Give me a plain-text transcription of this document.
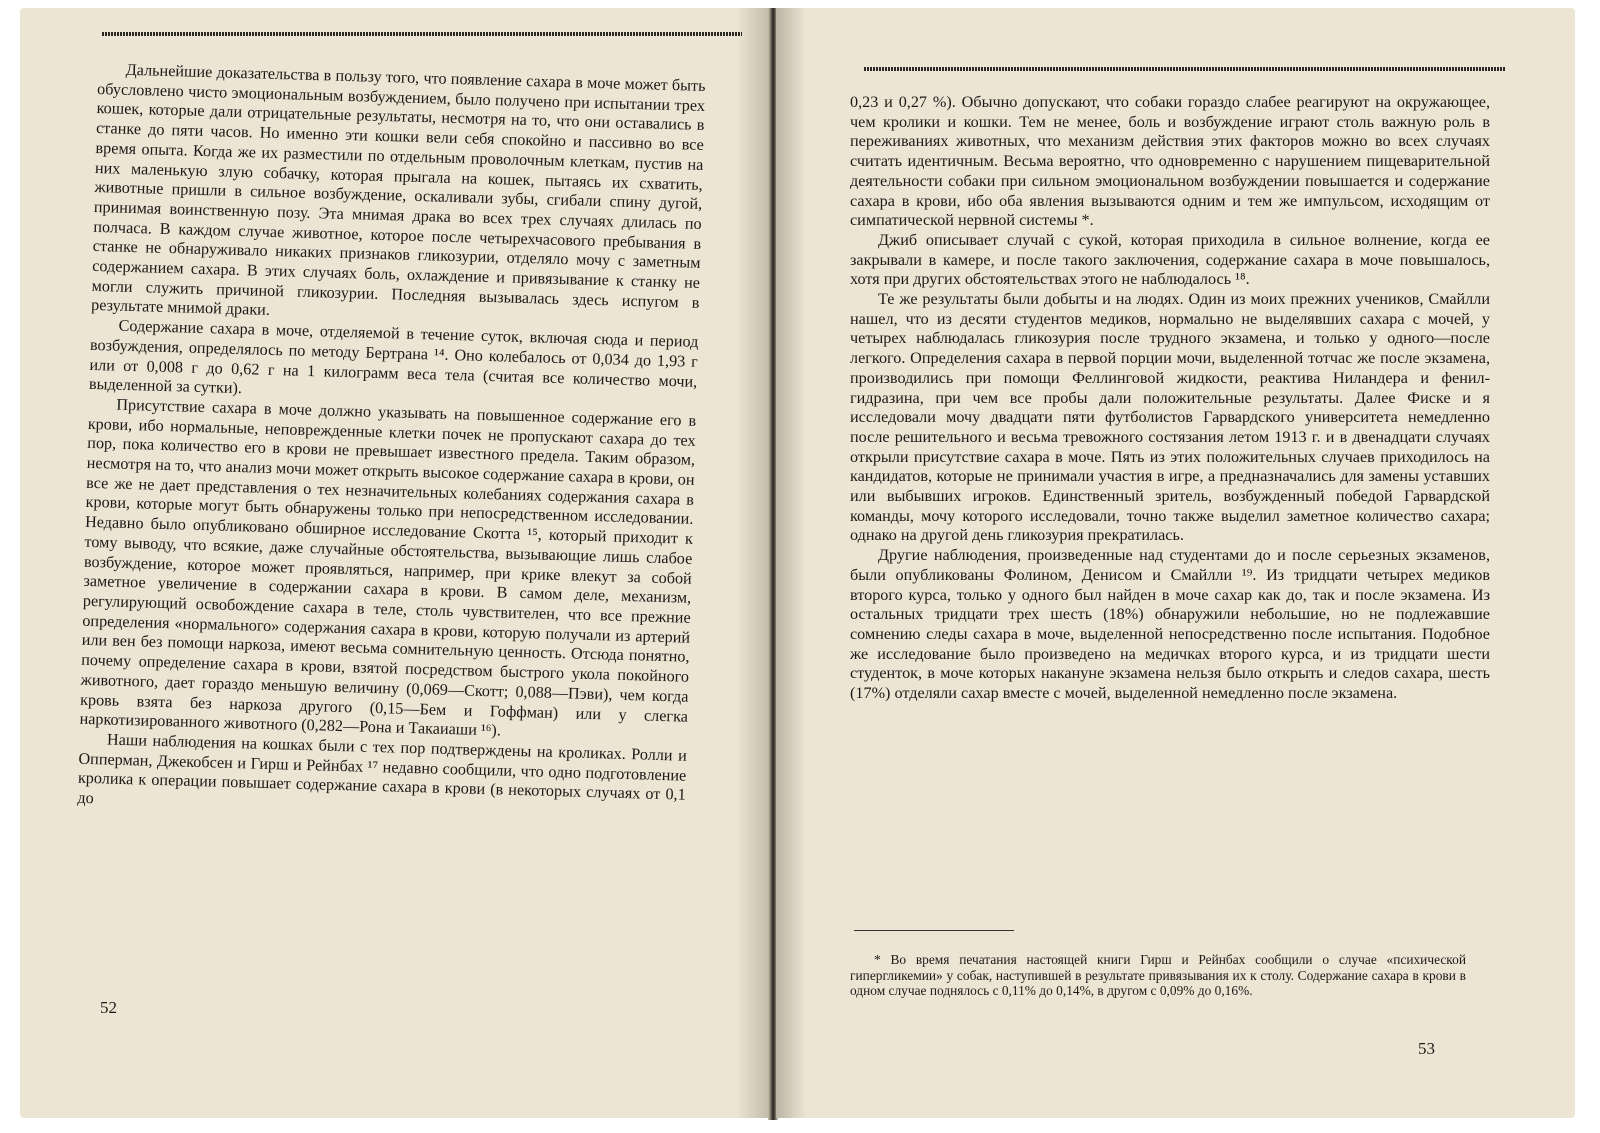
Дальнейшие доказательства в пользу того, что появление сахара в моче может быть обусловлено чисто эмоциональным возбуждением, было получено при испытании трех кошек, которые дали отрицательные результаты, несмотря на то, что они оставались в станке до пяти часов. Но именно эти кошки вели себя спокойно и пассивно во все время опыта. Когда же их разместили по отдельным проволочным клеткам, пустив на них маленькую злую собачку, которая прыгала на кошек, пытаясь их схватить, животные пришли в сильное возбуждение, оскаливали зубы, сгибали спину дугой, принимая воинственную позу. Эта мнимая драка во всех трех случаях длилась по полчаса. В каждом случае животное, которое после четырехчасового пребывания в станке не обнаруживало никаких признаков гликозурии, отделяло мочу с заметным содержанием сахара. В этих случаях боль, охлаждение и привязывание к станку не могли служить причиной гликозурии. Последняя вызывалась здесь испугом в результате мнимой драки.

Содержание сахара в моче, отделяемой в течение суток, включая сюда и период возбуждения, определялось по методу Бертрана ¹⁴. Оно колебалось от 0,034 до 1,93 г или от 0,008 г до 0,62 г на 1 килограмм веса тела (считая все количество мочи, выделенной за сутки).

Присутствие сахара в моче должно указывать на повышенное содержание его в крови, ибо нормальные, неповрежденные клетки почек не пропускают сахара до тех пор, пока количество его в крови не превышает известного предела. Таким образом, несмотря на то, что анализ мочи может открыть высокое содержание сахара в крови, он все же не дает представления о тех незначительных колебаниях содержания сахара в крови, которые могут быть обнаружены только при непосредственном исследовании. Недавно было опубликовано обширное исследование Скотта ¹⁵, который приходит к тому выводу, что всякие, даже случайные обстоятельства, вызывающие лишь слабое возбуждение, которое может проявляться, например, при крике влекут за собой заметное увеличение в содержании сахара в крови. В самом деле, механизм, регулирующий освобождение сахара в теле, столь чувствителен, что все прежние определения «нормального» содержания сахара в крови, которую получали из артерий или вен без помощи наркоза, имеют весьма сомнительную ценность. Отсюда понятно, почему определение сахара в крови, взятой посредством быстрого укола покойного животного, дает гораздо меньшую величину (0,069—Скотт; 0,088—Пэви), чем когда кровь взята без наркоза другого (0,15—Бем и Гоффман) или у слегка наркотизированного животного (0,282—Рона и Такаиаши ¹⁶).

Наши наблюдения на кошках были с тех пор подтверждены на кроликах. Ролли и Опперман, Джекобсен и Гирш и Рейнбах ¹⁷ недавно сообщили, что одно подготовление кролика к операции повышает содержание сахара в крови (в некоторых случаях от 0,1 до

52

0,23 и 0,27 %). Обычно допускают, что собаки гораздо слабее реагируют на окружающее, чем кролики и кошки. Тем не менее, боль и возбуждение играют столь важную роль в переживаниях животных, что механизм действия этих факторов можно во всех случаях считать идентичным. Весьма вероятно, что одновременно с нарушением пищеварительной деятельности собаки при сильном эмоциональном возбуждении повышается и содержание сахара в крови, ибо оба явления вызываются одним и тем же импульсом, исходящим от симпатической нервной системы *.

Джиб описывает случай с сукой, которая приходила в сильное волнение, когда ее закрывали в камере, и после такого заключения, содержание сахара в моче повышалось, хотя при других обстоятельствах этого не наблюдалось ¹⁸.

Те же результаты были добыты и на людях. Один из моих прежних учеников, Смайлли нашел, что из десяти студентов медиков, нормально не выделявших сахара с мочей, у четырех наблюдалась гликозурия после трудного экзамена, и только у одного—после легкого. Определения сахара в первой порции мочи, выделенной тотчас же после экзамена, производились при помощи Феллинговой жидкости, реактива Ниландера и фенил-гидразина, при чем все пробы дали положительные результаты. Далее Фиске и я исследовали мочу двадцати пяти футболистов Гарвардского университета немедленно после решительного и весьма тревожного состязания летом 1913 г. и в двенадцати случаях открыли присутствие сахара в моче. Пять из этих положительных случаев приходилось на кандидатов, которые не принимали участия в игре, а предназначались для замены уставших или выбывших игроков. Единственный зритель, возбужденный победой Гарвардской команды, мочу которого исследовали, точно также выделил заметное количество сахара; однако на другой день гликозурия прекратилась.

Другие наблюдения, произведенные над студентами до и после серьезных экзаменов, были опубликованы Фолином, Денисом и Смайлли ¹⁹. Из тридцати четырех медиков второго курса, только у одного был найден в моче сахар как до, так и после экзамена. Из остальных тридцати трех шесть (18%) обнаружили небольшие, но не подлежавшие сомнению следы сахара в моче, выделенной непосредственно после испытания. Подобное же исследование было произведено на медичках второго курса, и из тридцати шести студенток, в моче которых накануне экзамена нельзя было открыть и следов сахара, шесть (17%) отделяли сахар вместе с мочей, выделенной немедленно после экзамена.

* Во время печатания настоящей книги Гирш и Рейнбах сообщили о случае «психической гипергликемии» у собак, наступившей в результате привязывания их к столу. Содержание сахара в крови в одном случае поднялось с 0,11% до 0,14%, в другом с 0,09% до 0,16%.
53
